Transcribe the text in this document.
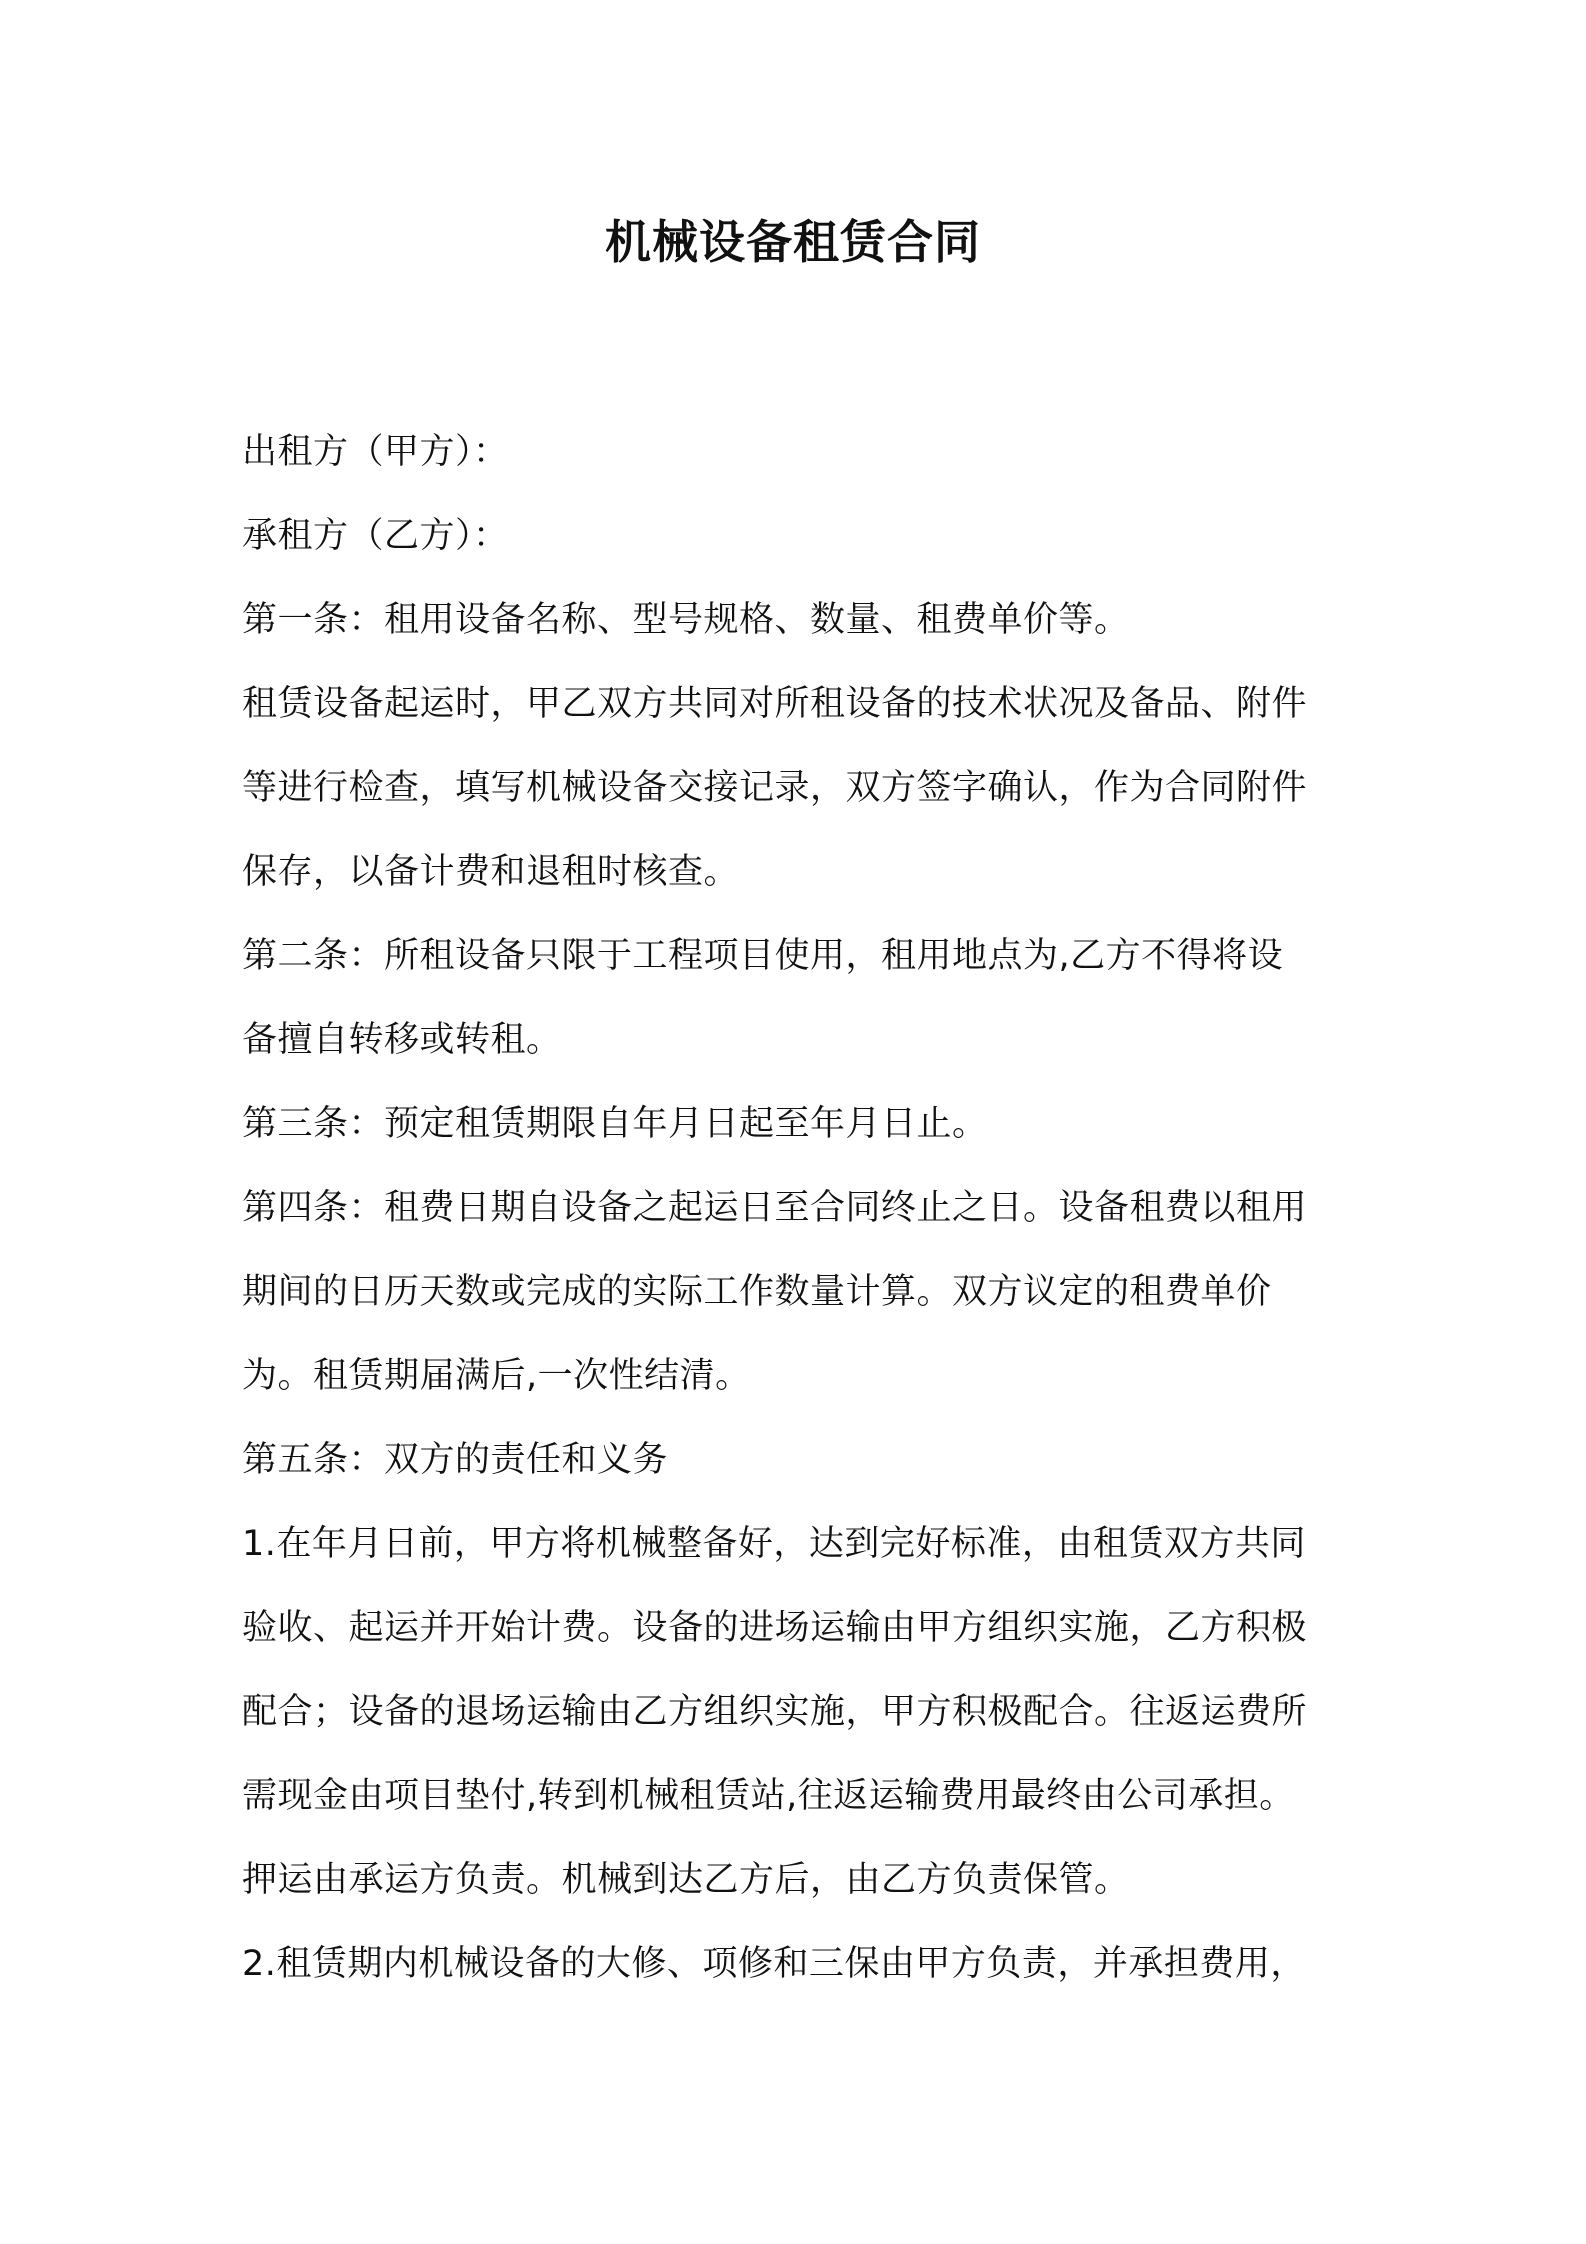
机械设备租赁合同

出租方（甲方）：

承租方（乙方）：

第一条：租用设备名称、型号规格、数量、租费单价等。

租赁设备起运时，甲乙双方共同对所租设备的技术状况及备品、附件

等进行检查，填写机械设备交接记录，双方签字确认，作为合同附件

保存，以备计费和退租时核查。

第二条：所租设备只限于工程项目使用，租用地点为,乙方不得将设

备擅自转移或转租。

第三条：预定租赁期限自年月日起至年月日止。

第四条：租费日期自设备之起运日至合同终止之日。设备租费以租用

期间的日历天数或完成的实际工作数量计算。双方议定的租费单价

为。租赁期届满后,一次性结清。

第五条：双方的责任和义务

1.在年月日前，甲方将机械整备好，达到完好标准，由租赁双方共同

验收、起运并开始计费。设备的进场运输由甲方组织实施，乙方积极

配合；设备的退场运输由乙方组织实施，甲方积极配合。往返运费所

需现金由项目垫付,转到机械租赁站,往返运输费用最终由公司承担。

押运由承运方负责。机械到达乙方后，由乙方负责保管。

2.租赁期内机械设备的大修、项修和三保由甲方负责，并承担费用，
